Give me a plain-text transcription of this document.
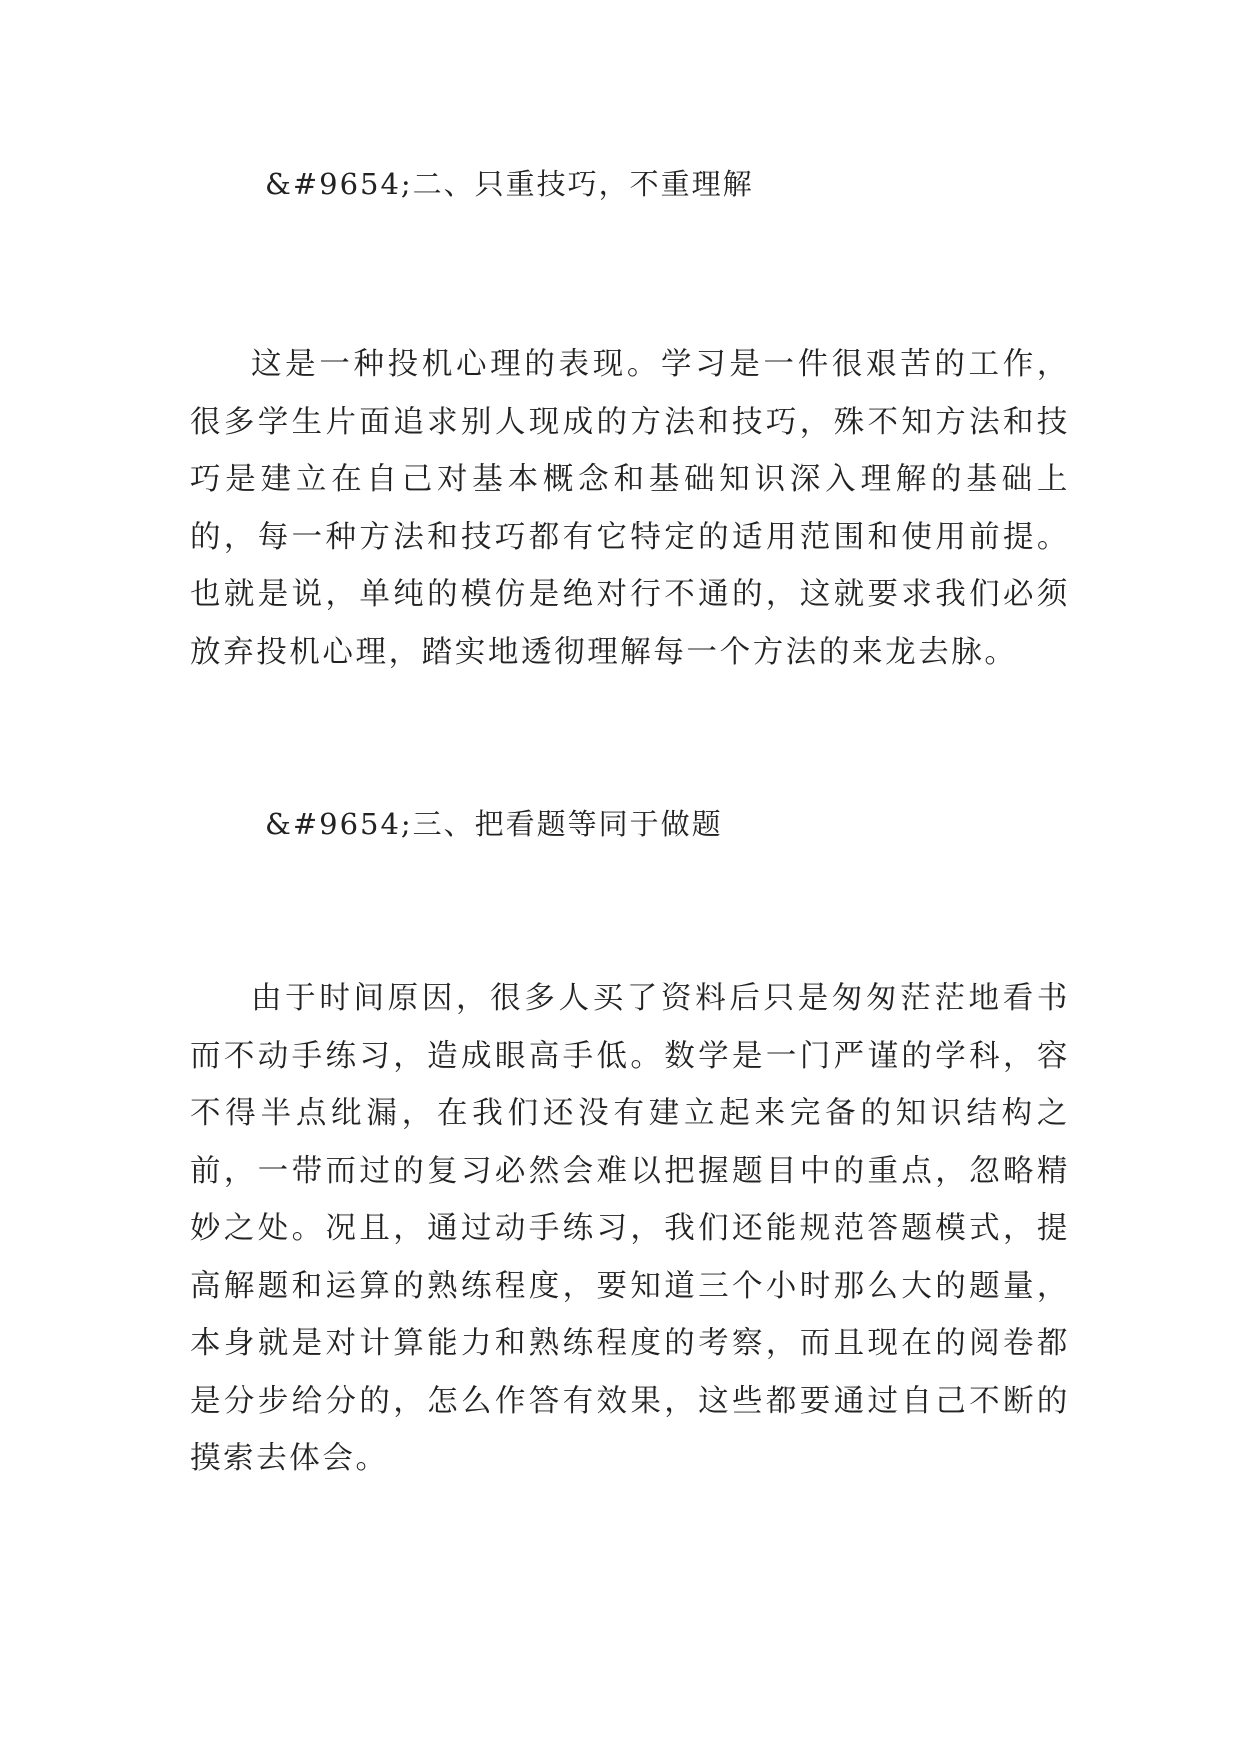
&#9654;二、只重技巧，不重理解

这是一种投机心理的表现。学习是一件很艰苦的工作，很多学生片面追求别人现成的方法和技巧，殊不知方法和技巧是建立在自己对基本概念和基础知识深入理解的基础上的，每一种方法和技巧都有它特定的适用范围和使用前提。也就是说，单纯的模仿是绝对行不通的，这就要求我们必须放弃投机心理，踏实地透彻理解每一个方法的来龙去脉。

&#9654;三、把看题等同于做题

由于时间原因，很多人买了资料后只是匆匆茫茫地看书而不动手练习，造成眼高手低。数学是一门严谨的学科，容不得半点纰漏，在我们还没有建立起来完备的知识结构之前，一带而过的复习必然会难以把握题目中的重点，忽略精妙之处。况且，通过动手练习，我们还能规范答题模式，提高解题和运算的熟练程度，要知道三个小时那么大的题量，本身就是对计算能力和熟练程度的考察，而且现在的阅卷都是分步给分的，怎么作答有效果，这些都要通过自己不断的摸索去体会。
